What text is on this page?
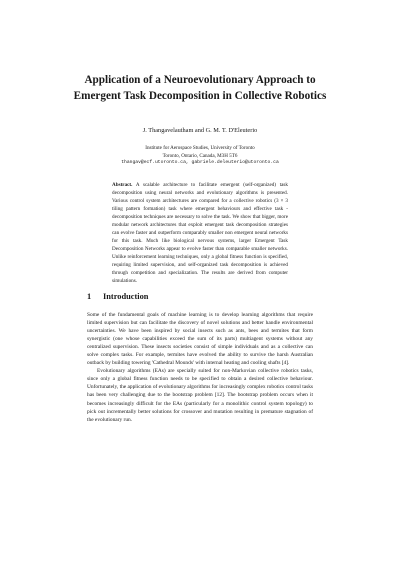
Application of a Neuroevolutionary Approach to Emergent Task Decomposition in Collective Robotics
J. Thangavelautham and G. M. T. D'Eleuterio
Institute for Aerospace Studies, University of Toronto
Toronto, Ontario, Canada, M3H 5T6
thangav@ecf.utoronto.ca, gabriele.deleuterio@utoronto.ca
Abstract. A scalable architecture to facilitate emergent (self-organized) task decomposition using neural networks and evolutionary algorithms is presented. Various control system architectures are compared for a collective robotics (3 × 3 tiling pattern formation) task where emergent behaviours and effective task -decomposition techniques are necessary to solve the task. We show that bigger, more modular network architectures that exploit emergent task decomposition strategies can evolve faster and outperform comparably smaller non emergent neural networks for this task. Much like biological nervous systems, larger Emergent Task Decomposition Networks appear to evolve faster than comparable smaller networks. Unlike reinforcement learning techniques, only a global fitness function is specified, requiring limited supervision, and self-organized task decomposition is achieved through competition and specialization. The results are derived from computer simulations.
1 Introduction

Some of the fundamental goals of machine learning is to develop learning algorithms that require limited supervision but can facilitate the discovery of novel solutions and better handle environmental uncertainties. We have been inspired by social insects such as ants, bees and termites that form synergistic (one whose capabilities exceed the sum of its parts) multiagent systems without any centralized supervision. These insects societies consist of simple individuals and as a collective can solve complex tasks. For example, termites have evolved the ability to survive the harsh Australian outback by building towering 'Cathedral Mounds' with internal heating and cooling shafts [4].

Evolutionary algorithms (EAs) are specially suited for non-Markovian collective robotics tasks, since only a global fitness function needs to be specified to obtain a desired collective behaviour. Unfortunately, the application of evolutionary algorithms for increasingly complex robotics control tasks has been very challenging due to the bootstrap problem [12]. The bootstrap problem occurs when it becomes increasingly difficult for the EAs (particularly for a monolithic control system topology) to pick out incrementally better solutions for crossover and mutation resulting in premature stagnation of the evolutionary run.
